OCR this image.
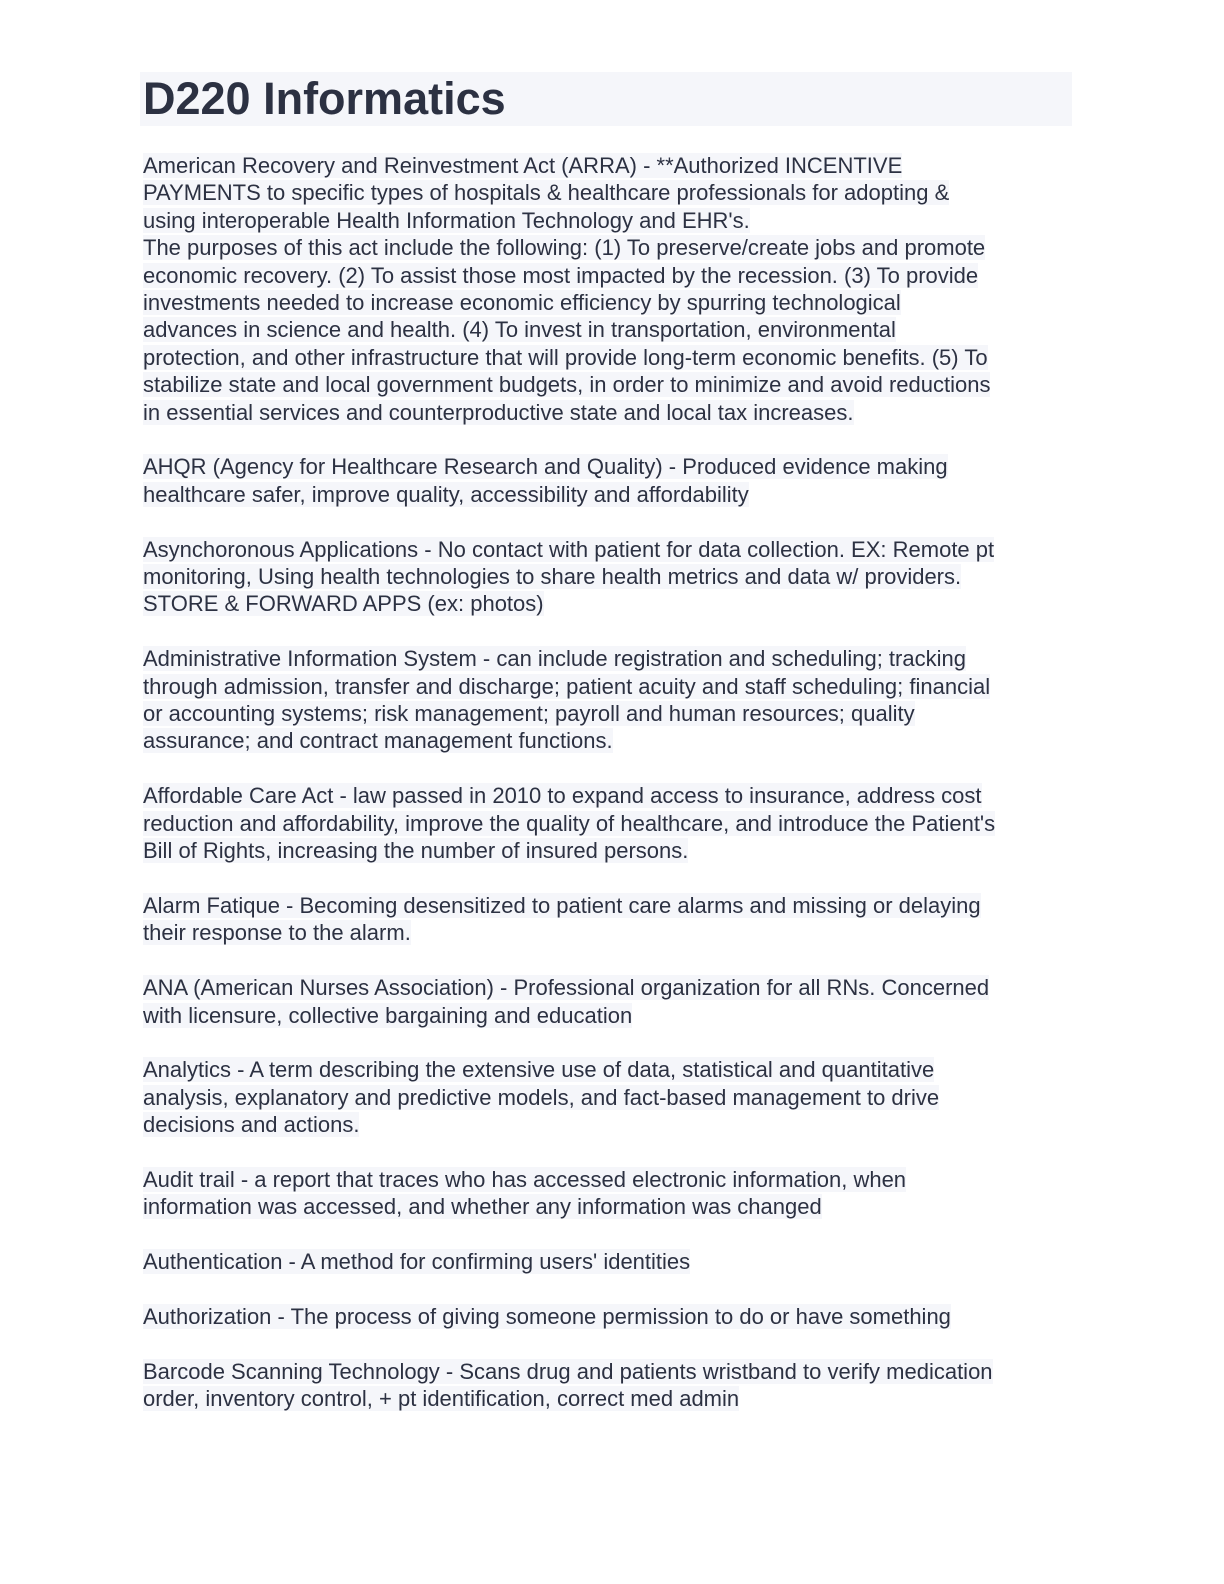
D220 Informatics
American Recovery and Reinvestment Act (ARRA) - **Authorized INCENTIVE
PAYMENTS to specific types of hospitals & healthcare professionals for adopting &
using interoperable Health Information Technology and EHR's.
The purposes of this act include the following: (1) To preserve/create jobs and promote
economic recovery. (2) To assist those most impacted by the recession. (3) To provide
investments needed to increase economic efficiency by spurring technological
advances in science and health. (4) To invest in transportation, environmental
protection, and other infrastructure that will provide long-term economic benefits. (5) To
stabilize state and local government budgets, in order to minimize and avoid reductions
in essential services and counterproductive state and local tax increases.
AHQR (Agency for Healthcare Research and Quality) - Produced evidence making
healthcare safer, improve quality, accessibility and affordability
Asynchoronous Applications - No contact with patient for data collection. EX: Remote pt
monitoring, Using health technologies to share health metrics and data w/ providers.
STORE & FORWARD APPS (ex: photos)
Administrative Information System - can include registration and scheduling; tracking
through admission, transfer and discharge; patient acuity and staff scheduling; financial
or accounting systems; risk management; payroll and human resources; quality
assurance; and contract management functions.
Affordable Care Act - law passed in 2010 to expand access to insurance, address cost
reduction and affordability, improve the quality of healthcare, and introduce the Patient's
Bill of Rights, increasing the number of insured persons.
Alarm Fatique - Becoming desensitized to patient care alarms and missing or delaying
their response to the alarm.
ANA (American Nurses Association) - Professional organization for all RNs. Concerned
with licensure, collective bargaining and education
Analytics - A term describing the extensive use of data, statistical and quantitative
analysis, explanatory and predictive models, and fact-based management to drive
decisions and actions.
Audit trail - a report that traces who has accessed electronic information, when
information was accessed, and whether any information was changed
Authentication - A method for confirming users' identities
Authorization - The process of giving someone permission to do or have something
Barcode Scanning Technology - Scans drug and patients wristband to verify medication
order, inventory control, + pt identification, correct med admin
